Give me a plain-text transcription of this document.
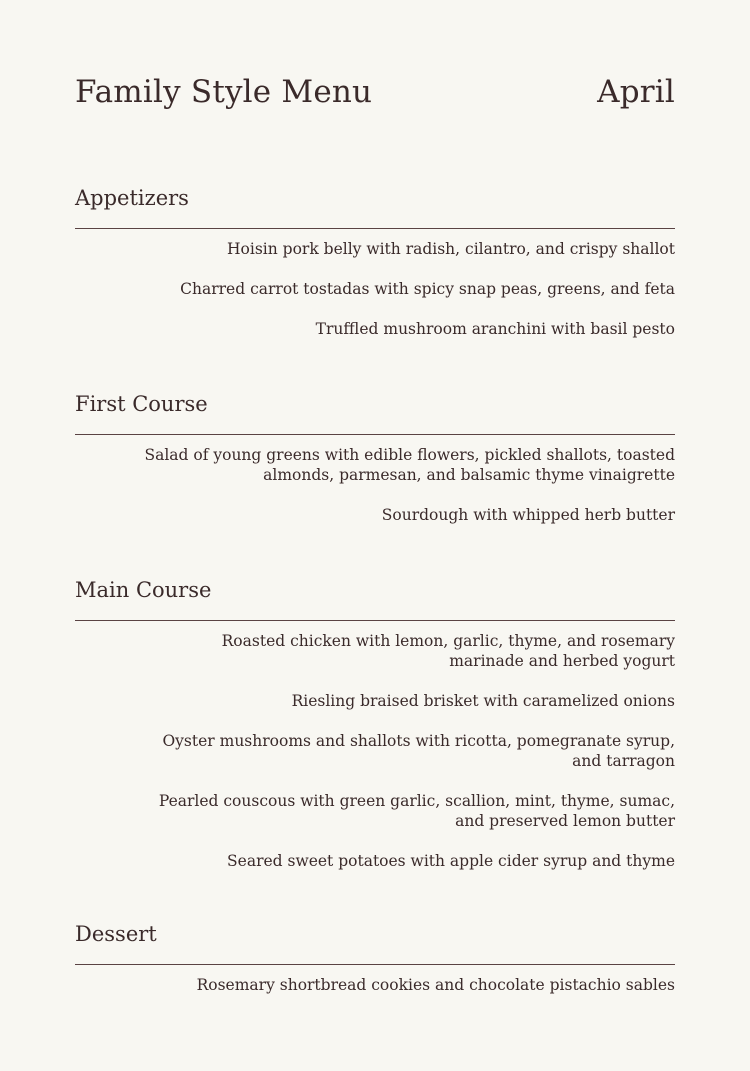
Family Style Menu	April
Appetizers
Hoisin pork belly with radish, cilantro, and crispy shallot
Charred carrot tostadas with spicy snap peas, greens, and feta
Truffled mushroom aranchini with basil pesto
First Course
Salad of young greens with edible flowers, pickled shallots, toasted
almonds, parmesan, and balsamic thyme vinaigrette
Sourdough with whipped herb butter
Main Course
Roasted chicken with lemon, garlic, thyme, and rosemary
marinade and herbed yogurt
Riesling braised brisket with caramelized onions
Oyster mushrooms and shallots with ricotta, pomegranate syrup,
and tarragon
Pearled couscous with green garlic, scallion, mint, thyme, sumac,
and preserved lemon butter
Seared sweet potatoes with apple cider syrup and thyme
Dessert
Rosemary shortbread cookies and chocolate pistachio sables
